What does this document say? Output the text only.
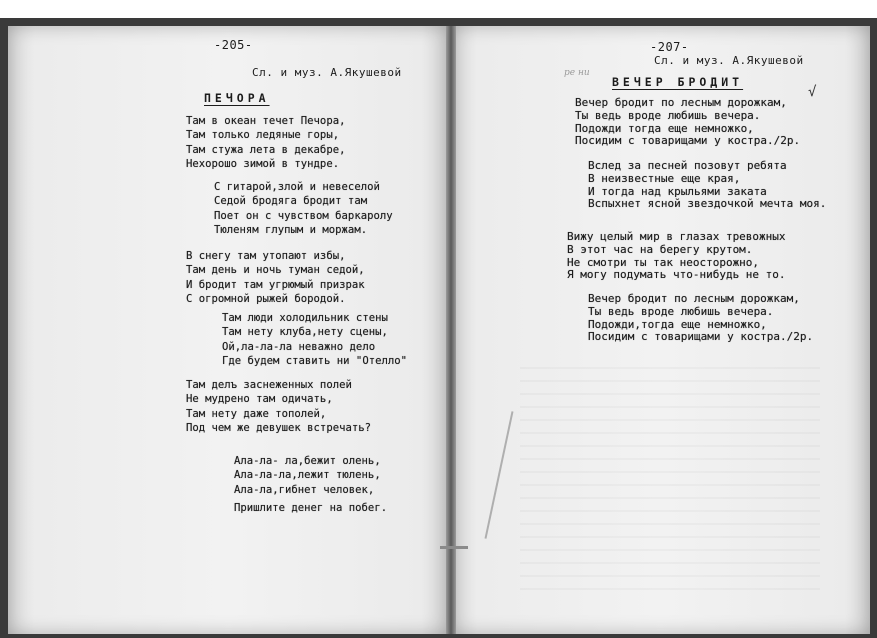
-205-
Сл. и муз. А.Якушевой
ПЕЧОРА
Там в океан течет Печора,
Там только ледяные горы,
Там стужа лета в декабре,
Нехорошо зимой в тундре.
С гитарой,злой и невеселой
Седой бродяга бродит там
Поет он с чувством баркаролу
Тюленям глупым и моржам.
В снегу там утопают избы,
Там день и ночь туман седой,
И бродит там угрюмый призрак
С огромной рыжей бородой.
Там люди холодильник стены
Там нету клуба,нету сцены,
Ой,ла-ла-ла неважно дело
Где будем ставить ни "Отелло"
Там делъ заснеженных полей
Не мудрено там одичать,
Там нету даже тополей,
Под чем же девушек встречать?
Ала-ла- ла,бежит олень,
Ала-ла-ла,лежит тюлень,
Ала-ла,гибнет человек,
Пришлите денег на побег.
-207-
ре ни
Сл. и муз. А.Якушевой
ВЕЧЕР БРОДИТ
√
Вечер бродит по лесным дорожкам,
Ты ведь вроде любишь вечера.
Подожди тогда еще немножко,
Посидим с товарищами у костра./2р.
Вслед за песней позовут ребята
В неизвестные еще края,
И тогда над крыльями заката
Вспыхнет ясной звездочкой мечта моя.
Вижу целый мир в глазах тревожных
В этот час на берегу крутом.
Не смотри ты так неосторожно,
Я могу подумать что-нибудь не то.
Вечер бродит по лесным дорожкам,
Ты ведь вроде любишь вечера.
Подожди,тогда еще немножко,
Посидим с товарищами у костра./2р.
